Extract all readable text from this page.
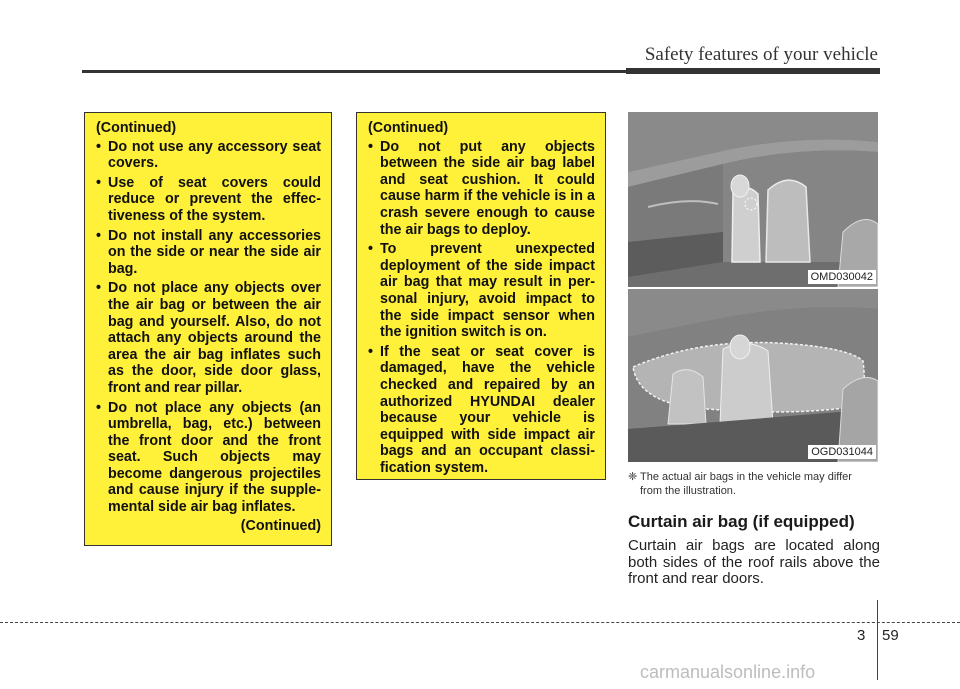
Safety features of your vehicle
(Continued)
• Do not use any accessory seat covers.
• Use of seat covers could reduce or prevent the effec-tiveness of the system.
• Do not install any accessories on the side or near the side air bag.
• Do not place any objects over the air bag or between the air bag and yourself. Also, do not attach any objects around the area the air bag inflates such as the door, side door glass, front and rear pillar.
• Do not place any objects (an umbrella, bag, etc.) between the front door and the front seat. Such objects may become dangerous projectiles and cause injury if the supple-mental side air bag inflates.
(Continued)
(Continued)
• Do not put any objects between the side air bag label and seat cushion. It could cause harm if the vehicle is in a crash severe enough to cause the air bags to deploy.
• To prevent unexpected deployment of the side impact air bag that may result in per-sonal injury, avoid impact to the side impact sensor when the ignition switch is on.
• If the seat or seat cover is damaged, have the vehicle checked and repaired by an authorized HYUNDAI dealer because your vehicle is equipped with side impact air bags and an occupant classi-fication system.
OMD030042
OGD031044
❈ The actual air bags in the vehicle may differ
from the illustration.
Curtain air bag (if equipped)
Curtain air bags are located along both sides of the roof rails above the front and rear doors.
3 59
carmanualsonline.info
